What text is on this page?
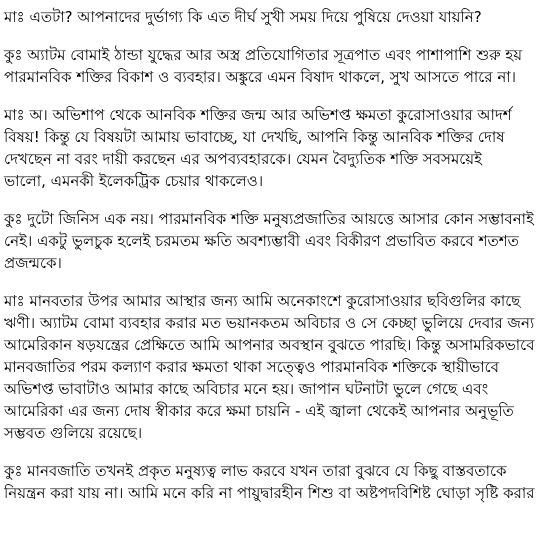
মাঃ এতটা? আপনাদের দুর্ভাগ্য কি এত দীর্ঘ সুখী সময় দিয়ে পুষিয়ে দেওয়া যায়নি?
কুঃ অ্যাটম বোমাই ঠান্ডা যুদ্ধের আর অস্ত্র প্রতিযোগিতার সূত্রপাত এবং পাশাপাশি শুরু হয়
পারমানবিক শক্তির বিকাশ ও ব্যবহার। অঙ্কুরে এমন বিষাদ থাকলে, সুখ আসতে পারে না।
মাঃ অ। অভিশাপ থেকে আনবিক শক্তির জন্ম আর অভিশপ্ত ক্ষমতা কুরোসাওয়ার আদর্শ
বিষয়! কিন্তু যে বিষয়টা আমায় ভাবাচ্ছে, যা দেখছি, আপনি কিন্তু আনবিক শক্তির দোষ
দেখছেন না বরং দায়ী করছেন এর অপব্যবহারকে। যেমন বৈদ্যুতিক শক্তি সবসময়েই
ভালো, এমনকী ইলেকট্রিক চেয়ার থাকলেও।
কুঃ দুটো জিনিস এক নয়। পারমানবিক শক্তি মনুষ্যপ্রজাতির আয়ত্তে আসার কোন সম্ভাবনাই
নেই। একটু ভুলচুক হলেই চরমতম ক্ষতি অবশ্যম্ভাবী এবং বিকীরণ প্রভাবিত করবে শতশত
প্রজন্মকে।
মাঃ মানবতার উপর আমার আস্থার জন্য আমি অনেকাংশে কুরোসাওয়ার ছবিগুলির কাছে
ঋণী। অ্যাটম বোমা ব্যবহার করার মত ভয়ানকতম অবিচার ও সে কেচ্ছা ভুলিয়ে দেবার জন্য
আমেরিকান ষড়যন্ত্রের প্রেক্ষিতে আমি আপনার অবস্থান বুঝতে পারছি। কিন্তু অসামরিকভাবে
মানবজাতির পরম কল্যাণ করার ক্ষমতা থাকা সত্ত্বেও পারমানবিক শক্তিকে স্থায়ীভাবে
অভিশপ্ত ভাবাটাও আমার কাছে অবিচার মনে হয়। জাপান ঘটনাটা ভুলে গেছে এবং
আমেরিকা এর জন্য দোষ স্বীকার করে ক্ষমা চায়নি - এই জ্বালা থেকেই আপনার অনুভূতি
সম্ভবত গুলিয়ে রয়েছে।
কুঃ মানবজাতি তখনই প্রকৃত মনুষ্যত্ব লাভ করবে যখন তারা বুঝবে যে কিছু বাস্তবতাকে
নিয়ন্ত্রন করা যায় না। আমি মনে করি না পায়ুদ্বারহীন শিশু বা অষ্টপদবিশিষ্ট ঘোড়া সৃষ্টি করার
